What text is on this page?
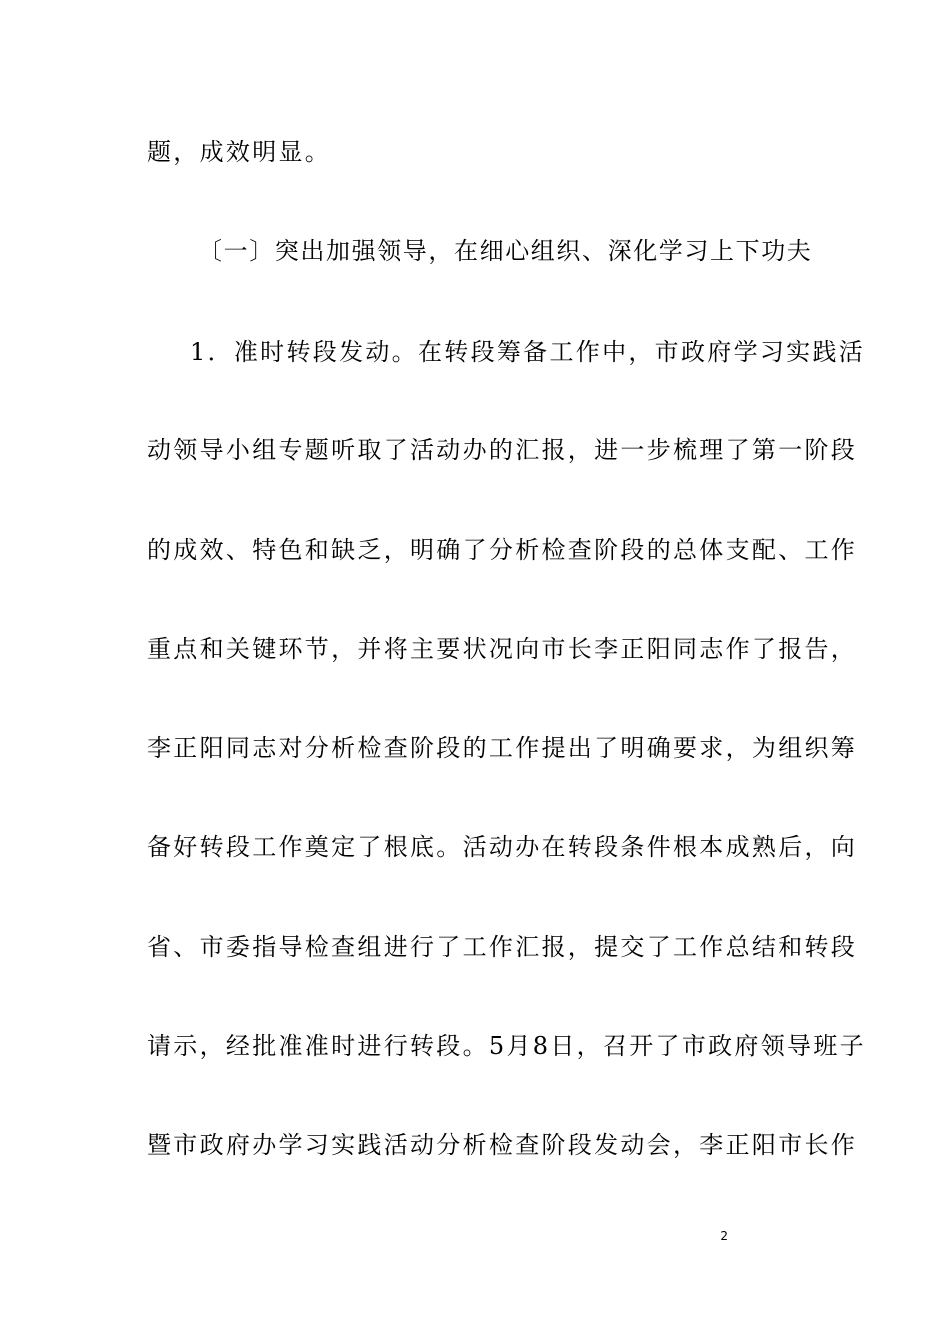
题，成效明显。
〔一〕突出加强领导，在细心组织、深化学习上下功夫
1．准时转段发动。在转段筹备工作中，市政府学习实践活
动领导小组专题听取了活动办的汇报，进一步梳理了第一阶段
的成效、特色和缺乏，明确了分析检查阶段的总体支配、工作
重点和关键环节，并将主要状况向市长李正阳同志作了报告，
李正阳同志对分析检查阶段的工作提出了明确要求，为组织筹
备好转段工作奠定了根底。活动办在转段条件根本成熟后，向
省、市委指导检查组进行了工作汇报，提交了工作总结和转段
请示，经批准准时进行转段。5月8日，召开了市政府领导班子
暨市政府办学习实践活动分析检查阶段发动会，李正阳市长作
2
